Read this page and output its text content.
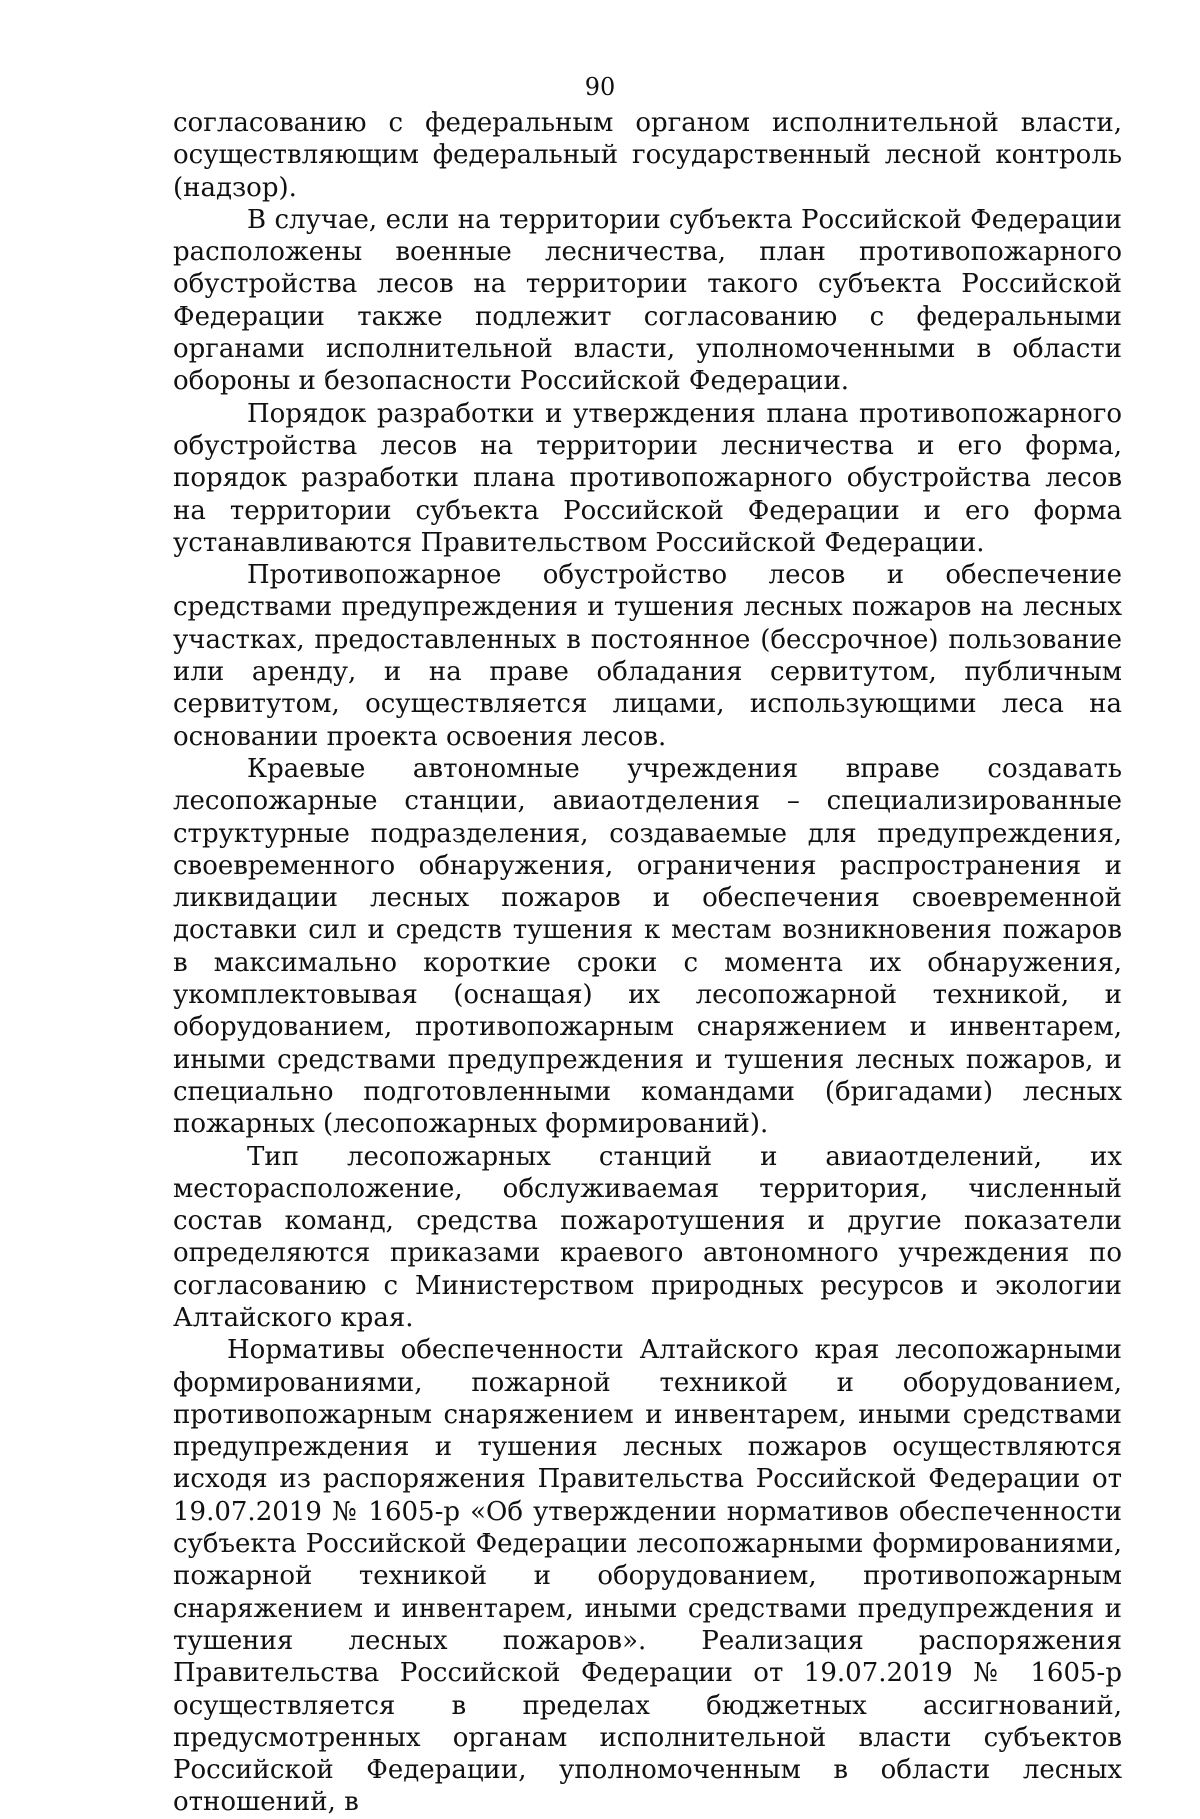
90

согласованию с федеральным органом исполнительной власти, осуществляющим федеральный государственный лесной контроль (надзор).

В случае, если на территории субъекта Российской Федерации расположены военные лесничества, план противопожарного обустройства лесов на территории такого субъекта Российской Федерации также подлежит согласованию с федеральными органами исполнительной власти, уполномоченными в области обороны и безопасности Российской Федерации.

Порядок разработки и утверждения плана противопожарного обустройства лесов на территории лесничества и его форма, порядок разработки плана противопожарного обустройства лесов на территории субъекта Российской Федерации и его форма устанавливаются Правительством Российской Федерации.

Противопожарное обустройство лесов и обеспечение средствами предупреждения и тушения лесных пожаров на лесных участках, предоставленных в постоянное (бессрочное) пользование или аренду, и на праве обладания сервитутом, публичным сервитутом, осуществляется лицами, использующими леса на основании проекта освоения лесов.

Краевые автономные учреждения вправе создавать лесопожарные станции, авиаотделения – специализированные структурные подразделения, создаваемые для предупреждения, своевременного обнаружения, ограничения распространения и ликвидации лесных пожаров и обеспечения своевременной доставки сил и средств тушения к местам возникновения пожаров в максимально короткие сроки с момента их обнаружения, укомплектовывая (оснащая) их лесопожарной техникой, и оборудованием, противопожарным снаряжением и инвентарем, иными средствами предупреждения и тушения лесных пожаров, и специально подготовленными командами (бригадами) лесных пожарных (лесопожарных формирований).

Тип лесопожарных станций и авиаотделений, их месторасположение, обслуживаемая территория, численный состав команд, средства пожаротушения и другие показатели определяются приказами краевого автономного учреждения по согласованию с Министерством природных ресурсов и экологии Алтайского края.

Нормативы обеспеченности Алтайского края лесопожарными формированиями, пожарной техникой и оборудованием, противопожарным снаряжением и инвентарем, иными средствами предупреждения и тушения лесных пожаров осуществляются исходя из распоряжения Правительства Российской Федерации от 19.07.2019 № 1605-р «Об утверждении нормативов обеспеченности субъекта Российской Федерации лесопожарными формированиями, пожарной техникой и оборудованием, противопожарным снаряжением и инвентарем, иными средствами предупреждения и тушения лесных пожаров». Реализация распоряжения Правительства Российской Федерации от 19.07.2019 № 1605-р осуществляется в пределах бюджетных ассигнований, предусмотренных органам исполнительной власти субъектов Российской Федерации, уполномоченным в области лесных отношений, в
